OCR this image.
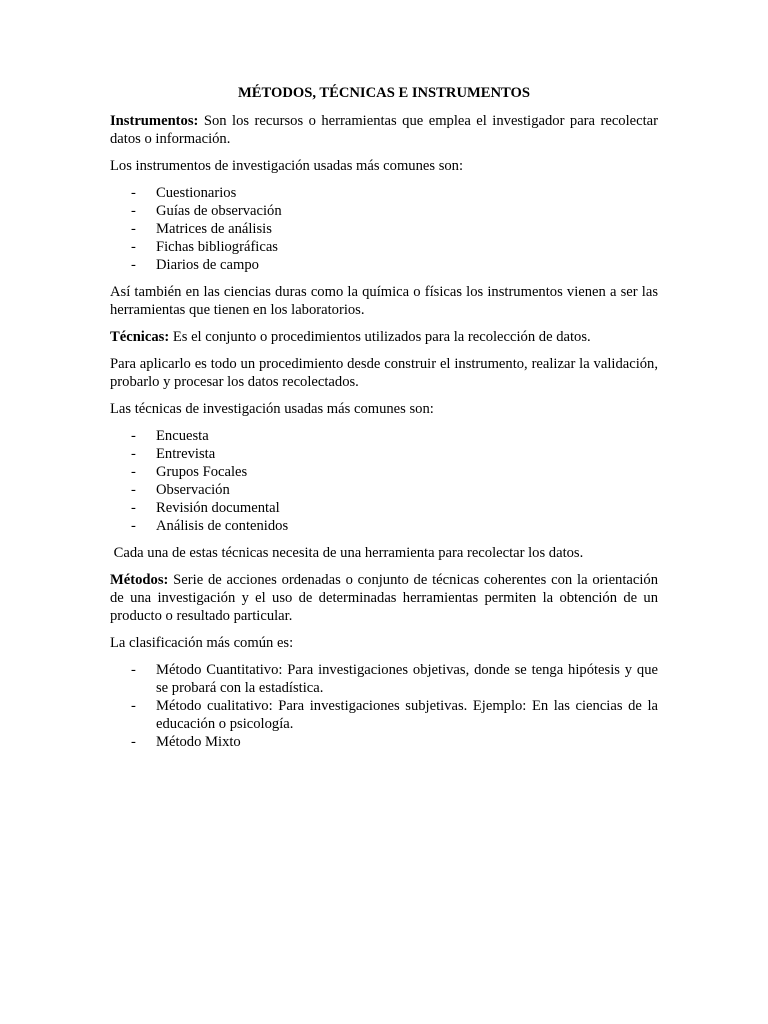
MÉTODOS, TÉCNICAS E INSTRUMENTOS

Instrumentos: Son los recursos o herramientas que emplea el investigador para recolectar datos o información.

Los instrumentos de investigación usadas más comunes son:

- Cuestionarios
- Guías de observación
- Matrices de análisis
- Fichas bibliográficas
- Diarios de campo

Así también en las ciencias duras como la química o físicas los instrumentos vienen a ser las herramientas que tienen en los laboratorios.

Técnicas: Es el conjunto o procedimientos utilizados para la recolección de datos.

Para aplicarlo es todo un procedimiento desde construir el instrumento, realizar la validación, probarlo y procesar los datos recolectados.

Las técnicas de investigación usadas más comunes son:

- Encuesta
- Entrevista
- Grupos Focales
- Observación
- Revisión documental
- Análisis de contenidos

Cada una de estas técnicas necesita de una herramienta para recolectar los datos.

Métodos: Serie de acciones ordenadas o conjunto de técnicas coherentes con la orientación de una investigación y el uso de determinadas herramientas permiten la obtención de un producto o resultado particular.

La clasificación más común es:

- Método Cuantitativo: Para investigaciones objetivas, donde se tenga hipótesis y que se probará con la estadística.
- Método cualitativo: Para investigaciones subjetivas. Ejemplo: En las ciencias de la educación o psicología.
- Método Mixto
